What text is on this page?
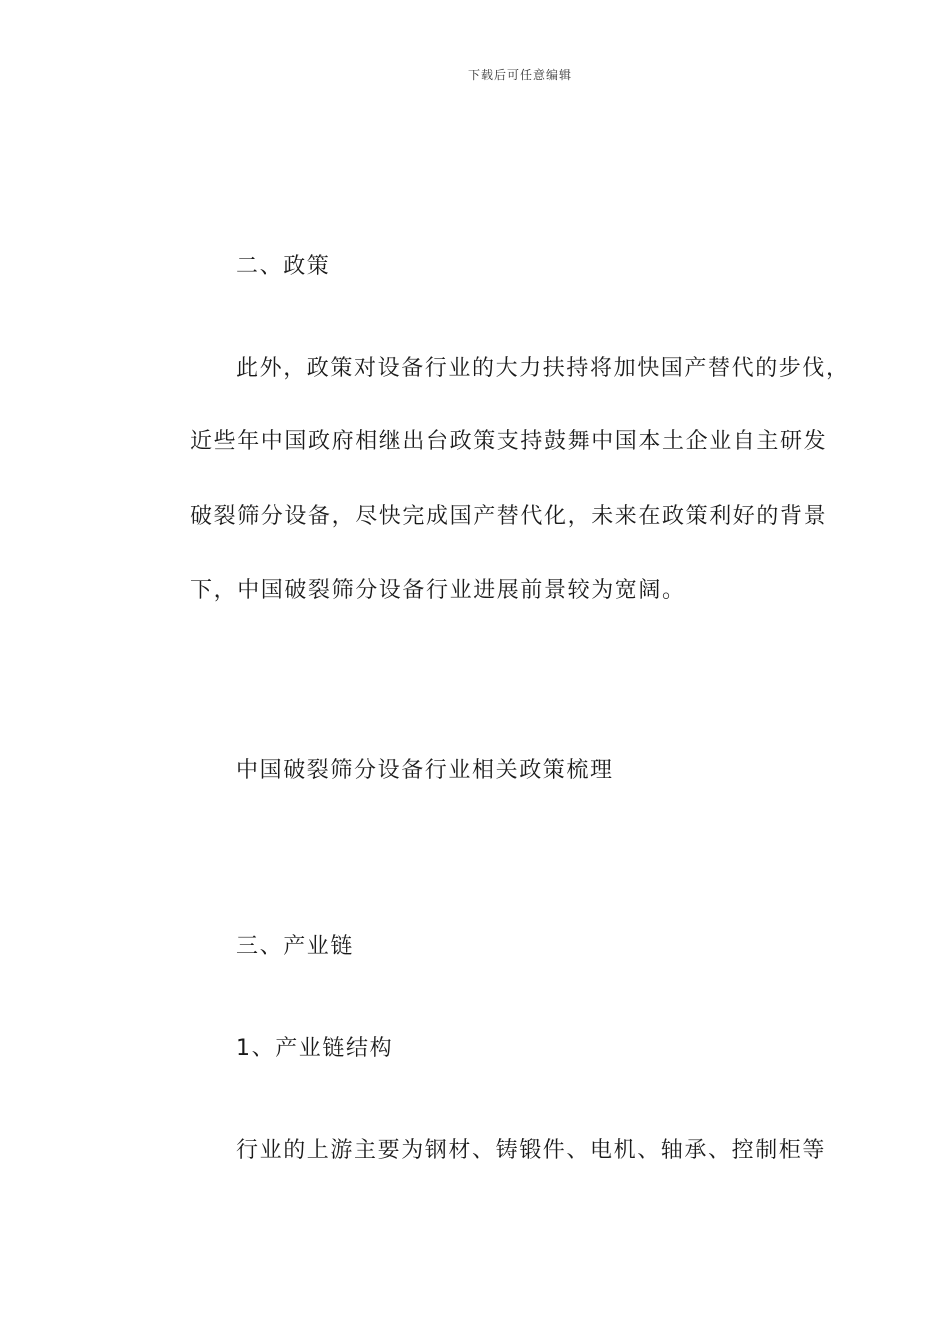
下载后可任意编辑
二、政策
此外，政策对设备行业的大力扶持将加快国产替代的步伐，
近些年中国政府相继出台政策支持鼓舞中国本土企业自主研发
破裂筛分设备，尽快完成国产替代化，未来在政策利好的背景
下，中国破裂筛分设备行业进展前景较为宽阔。
中国破裂筛分设备行业相关政策梳理
三、产业链
1、产业链结构
行业的上游主要为钢材、铸锻件、电机、轴承、控制柜等
